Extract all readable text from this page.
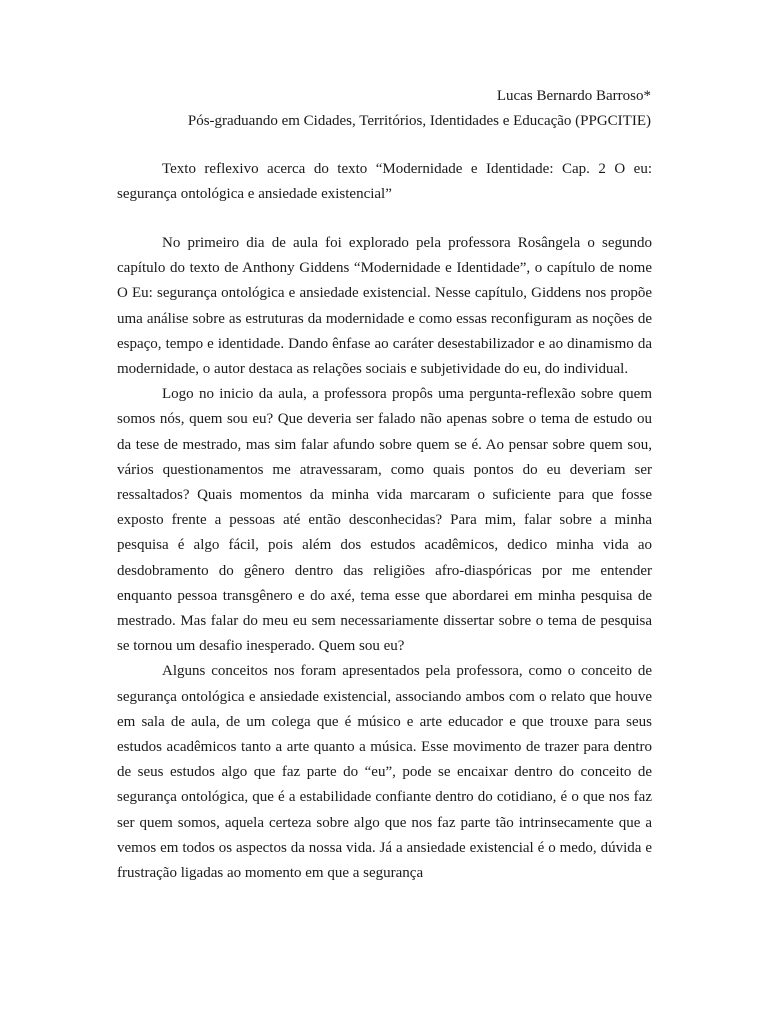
Lucas Bernardo Barroso*
Pós-graduando em Cidades, Territórios, Identidades e Educação (PPGCITIE)

Texto reflexivo acerca do texto “Modernidade e Identidade: Cap. 2 O eu: segurança ontológica e ansiedade existencial”

No primeiro dia de aula foi explorado pela professora Rosângela o segundo capítulo do texto de Anthony Giddens “Modernidade e Identidade”, o capítulo de nome O Eu: segurança ontológica e ansiedade existencial. Nesse capítulo, Giddens nos propõe uma análise sobre as estruturas da modernidade e como essas reconfiguram as noções de espaço, tempo e identidade. Dando ênfase ao caráter desestabilizador e ao dinamismo da modernidade, o autor destaca as relações sociais e subjetividade do eu, do individual.

Logo no inicio da aula, a professora propôs uma pergunta-reflexão sobre quem somos nós, quem sou eu? Que deveria ser falado não apenas sobre o tema de estudo ou da tese de mestrado, mas sim falar afundo sobre quem se é. Ao pensar sobre quem sou, vários questionamentos me atravessaram, como quais pontos do eu deveriam ser ressaltados? Quais momentos da minha vida marcaram o suficiente para que fosse exposto frente a pessoas até então desconhecidas? Para mim, falar sobre a minha pesquisa é algo fácil, pois além dos estudos acadêmicos, dedico minha vida ao desdobramento do gênero dentro das religiões afro-diaspóricas por me entender enquanto pessoa transgênero e do axé, tema esse que abordarei em minha pesquisa de mestrado. Mas falar do meu eu sem necessariamente dissertar sobre o tema de pesquisa se tornou um desafio inesperado. Quem sou eu?

Alguns conceitos nos foram apresentados pela professora, como o conceito de segurança ontológica e ansiedade existencial, associando ambos com o relato que houve em sala de aula, de um colega que é músico e arte educador e que trouxe para seus estudos acadêmicos tanto a arte quanto a música. Esse movimento de trazer para dentro de seus estudos algo que faz parte do “eu”, pode se encaixar dentro do conceito de segurança ontológica, que é a estabilidade confiante dentro do cotidiano, é o que nos faz ser quem somos, aquela certeza sobre algo que nos faz parte tão intrinsecamente que a vemos em todos os aspectos da nossa vida. Já a ansiedade existencial é o medo, dúvida e frustração ligadas ao momento em que a segurança
